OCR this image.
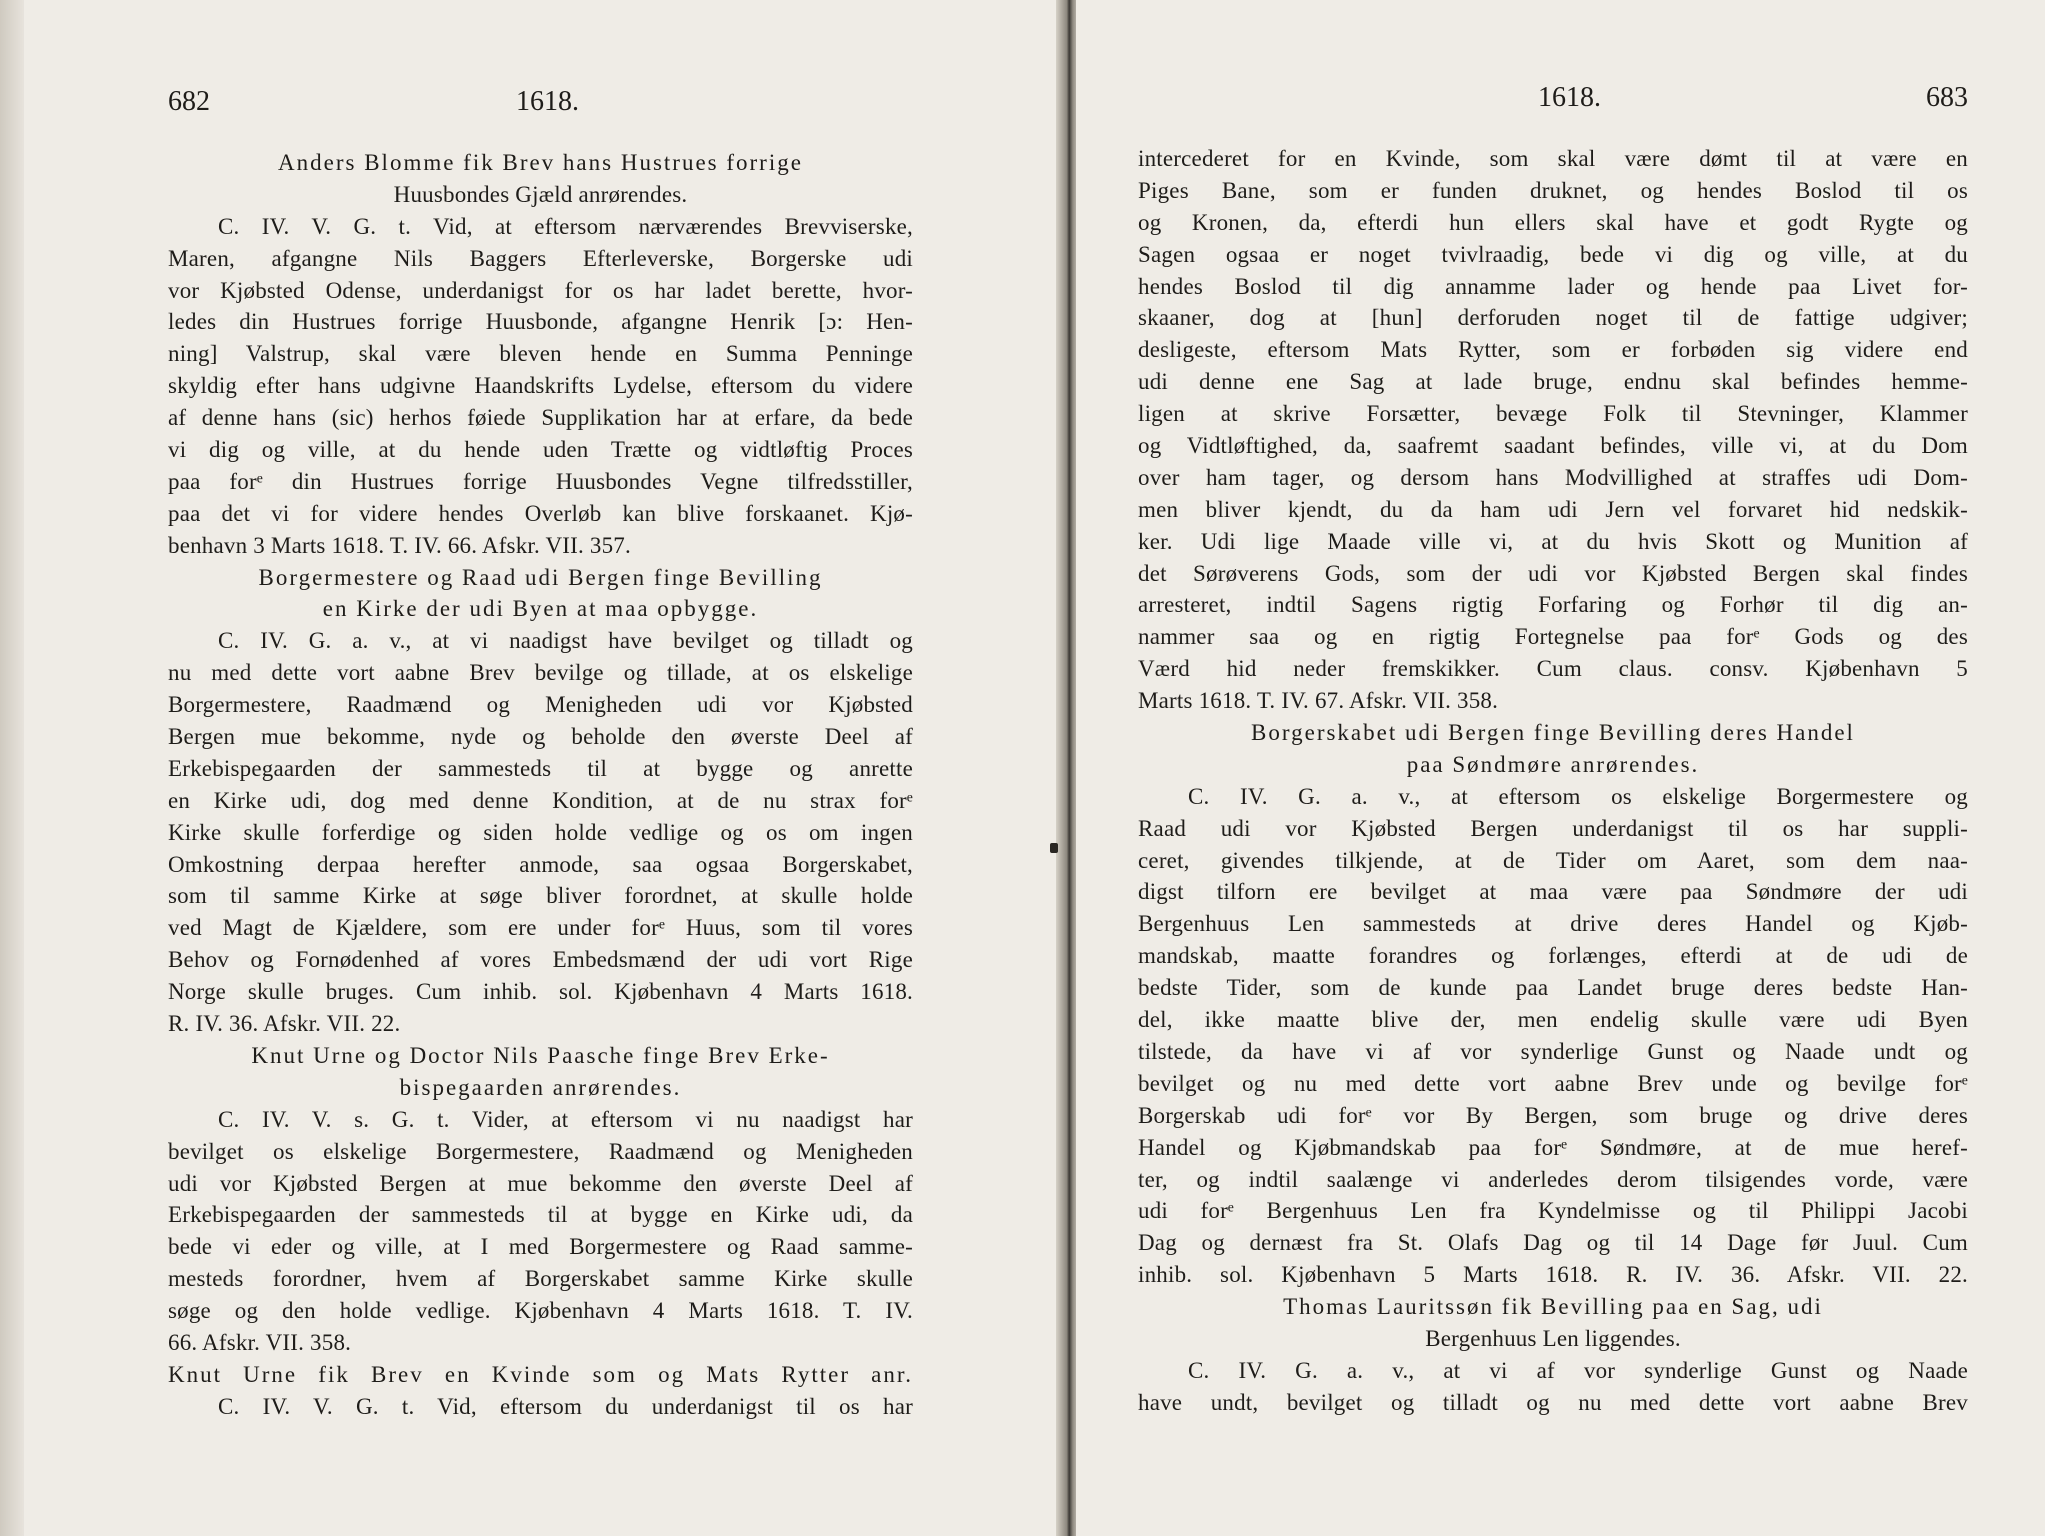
682	1618.
Anders Blomme fik Brev hans Hustrues forrige
Huusbondes Gjæld anrørendes.
C. IV. V. G. t. Vid, at eftersom nærværendes Brevviserske,
Maren, afgangne Nils Baggers Efterleverske, Borgerske udi
vor Kjøbsted Odense, underdanigst for os har ladet berette, hvor-
ledes din Hustrues forrige Huusbonde, afgangne Henrik [ɔ: Hen-
ning] Valstrup, skal være bleven hende en Summa Penninge
skyldig efter hans udgivne Haandskrifts Lydelse, eftersom du videre
af denne hans (sic) herhos føiede Supplikation har at erfare, da bede
vi dig og ville, at du hende uden Trætte og vidtløftig Proces
paa forᵉ din Hustrues forrige Huusbondes Vegne tilfredsstiller,
paa det vi for videre hendes Overløb kan blive forskaanet. Kjø-
benhavn 3 Marts 1618. T. IV. 66. Afskr. VII. 357.
Borgermestere og Raad udi Bergen finge Bevilling
en Kirke der udi Byen at maa opbygge.
C. IV. G. a. v., at vi naadigst have bevilget og tilladt og
nu med dette vort aabne Brev bevilge og tillade, at os elskelige
Borgermestere, Raadmænd og Menigheden udi vor Kjøbsted
Bergen mue bekomme, nyde og beholde den øverste Deel af
Erkebispegaarden der sammesteds til at bygge og anrette
en Kirke udi, dog med denne Kondition, at de nu strax forᵉ
Kirke skulle forferdige og siden holde vedlige og os om ingen
Omkostning derpaa herefter anmode, saa ogsaa Borgerskabet,
som til samme Kirke at søge bliver forordnet, at skulle holde
ved Magt de Kjældere, som ere under forᵉ Huus, som til vores
Behov og Fornødenhed af vores Embedsmænd der udi vort Rige
Norge skulle bruges. Cum inhib. sol. Kjøbenhavn 4 Marts 1618.
R. IV. 36. Afskr. VII. 22.
Knut Urne og Doctor Nils Paasche finge Brev Erke-
bispegaarden anrørendes.
C. IV. V. s. G. t. Vider, at eftersom vi nu naadigst har
bevilget os elskelige Borgermestere, Raadmænd og Menigheden
udi vor Kjøbsted Bergen at mue bekomme den øverste Deel af
Erkebispegaarden der sammesteds til at bygge en Kirke udi, da
bede vi eder og ville, at I med Borgermestere og Raad samme-
mesteds forordner, hvem af Borgerskabet samme Kirke skulle
søge og den holde vedlige. Kjøbenhavn 4 Marts 1618. T. IV.
66. Afskr. VII. 358.
Knut Urne fik Brev en Kvinde som og Mats Rytter anr.
C. IV. V. G. t. Vid, eftersom du underdanigst til os har
1618.	683
intercederet for en Kvinde, som skal være dømt til at være en
Piges Bane, som er funden druknet, og hendes Boslod til os
og Kronen, da, efterdi hun ellers skal have et godt Rygte og
Sagen ogsaa er noget tvivlraadig, bede vi dig og ville, at du
hendes Boslod til dig annamme lader og hende paa Livet for-
skaaner, dog at [hun] derforuden noget til de fattige udgiver;
desligeste, eftersom Mats Rytter, som er forbøden sig videre end
udi denne ene Sag at lade bruge, endnu skal befindes hemme-
ligen at skrive Forsætter, bevæge Folk til Stevninger, Klammer
og Vidtløftighed, da, saafremt saadant befindes, ville vi, at du Dom
over ham tager, og dersom hans Modvillighed at straffes udi Dom-
men bliver kjendt, du da ham udi Jern vel forvaret hid nedskik-
ker. Udi lige Maade ville vi, at du hvis Skott og Munition af
det Sørøverens Gods, som der udi vor Kjøbsted Bergen skal findes
arresteret, indtil Sagens rigtig Forfaring og Forhør til dig an-
nammer saa og en rigtig Fortegnelse paa forᵉ Gods og des
Værd hid neder fremskikker. Cum claus. consv. Kjøbenhavn 5
Marts 1618. T. IV. 67. Afskr. VII. 358.
Borgerskabet udi Bergen finge Bevilling deres Handel
paa Søndmøre anrørendes.
C. IV. G. a. v., at eftersom os elskelige Borgermestere og
Raad udi vor Kjøbsted Bergen underdanigst til os har suppli-
ceret, givendes tilkjende, at de Tider om Aaret, som dem naa-
digst tilforn ere bevilget at maa være paa Søndmøre der udi
Bergenhuus Len sammesteds at drive deres Handel og Kjøb-
mandskab, maatte forandres og forlænges, efterdi at de udi de
bedste Tider, som de kunde paa Landet bruge deres bedste Han-
del, ikke maatte blive der, men endelig skulle være udi Byen
tilstede, da have vi af vor synderlige Gunst og Naade undt og
bevilget og nu med dette vort aabne Brev unde og bevilge forᵉ
Borgerskab udi forᵉ vor By Bergen, som bruge og drive deres
Handel og Kjøbmandskab paa forᵉ Søndmøre, at de mue heref-
ter, og indtil saalænge vi anderledes derom tilsigendes vorde, være
udi forᵉ Bergenhuus Len fra Kyndelmisse og til Philippi Jacobi
Dag og dernæst fra St. Olafs Dag og til 14 Dage før Juul. Cum
inhib. sol. Kjøbenhavn 5 Marts 1618. R. IV. 36. Afskr. VII. 22.
Thomas Lauritssøn fik Bevilling paa en Sag, udi
Bergenhuus Len liggendes.
C. IV. G. a. v., at vi af vor synderlige Gunst og Naade
have undt, bevilget og tilladt og nu med dette vort aabne Brev
